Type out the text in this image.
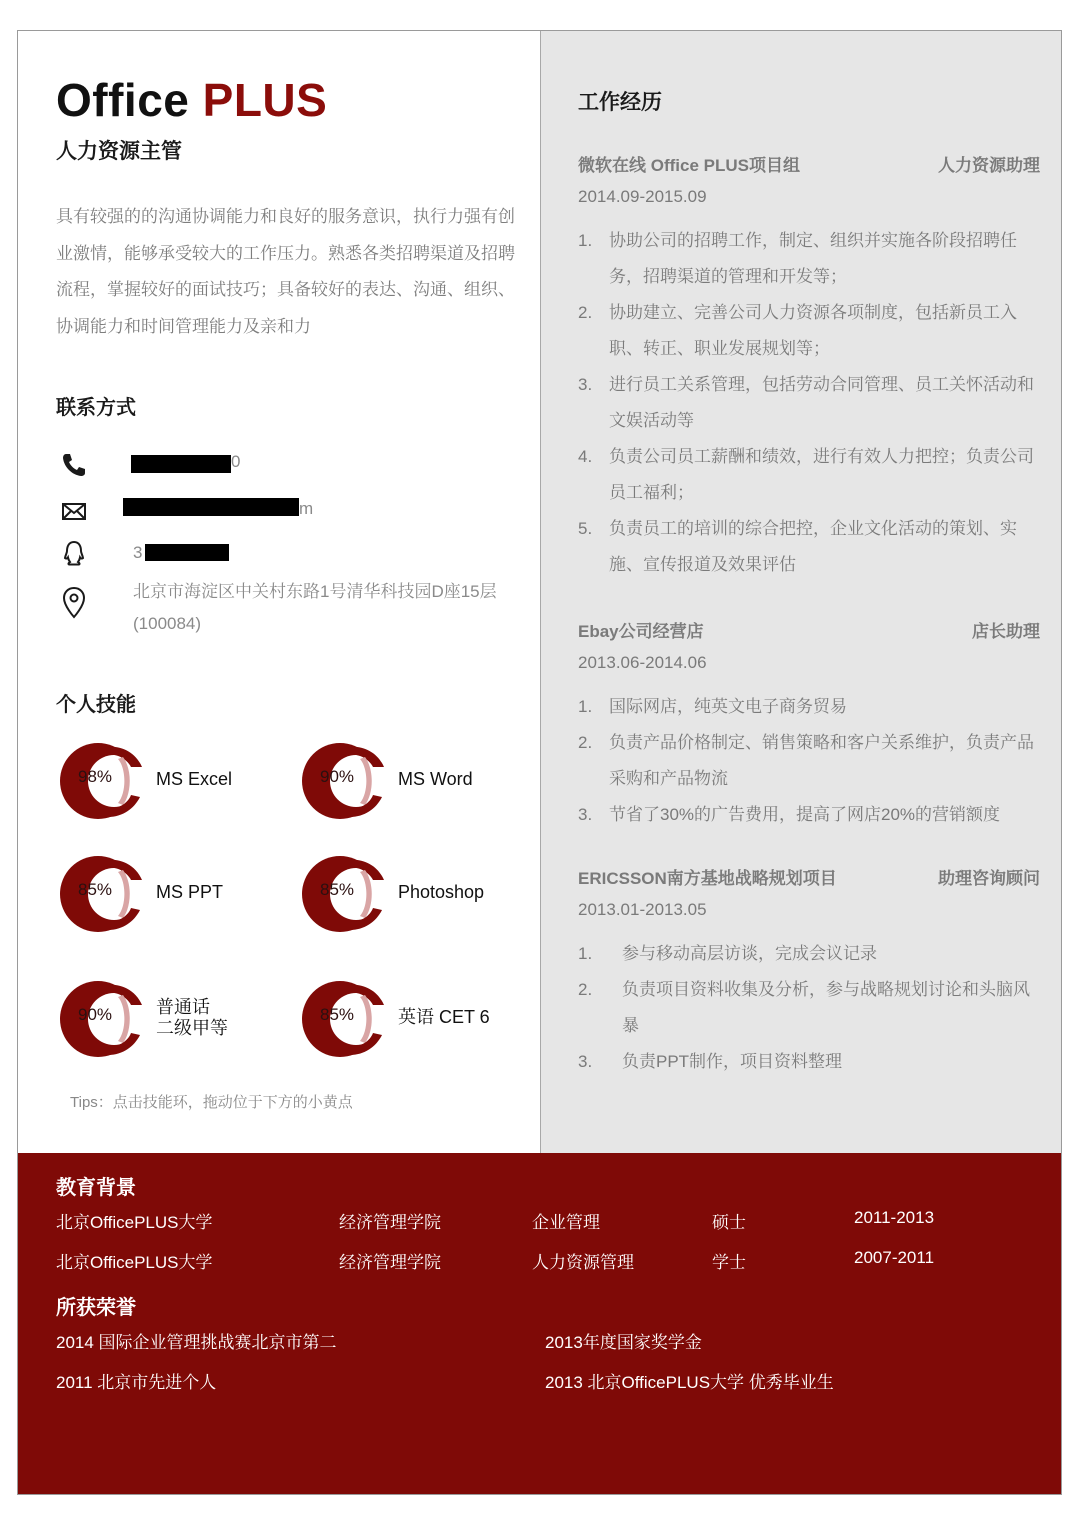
Office PLUS
人力资源主管
具有较强的的沟通协调能力和良好的服务意识，执行力强有创业激情，能够承受较大的工作压力。熟悉各类招聘渠道及招聘流程，掌握较好的面试技巧；具备较好的表达、沟通、组织、协调能力和时间管理能力及亲和力
联系方式
0
m
3
北京市海淀区中关村东路1号清华科技园D座15层(100084)
个人技能
98% MS Excel	90% MS Word
85% MS PPT	85% Photoshop
90% 普通话
二级甲等
85% 英语 CET 6
Tips：点击技能环，拖动位于下方的小黄点
工作经历
微软在线 Office PLUS项目组	人力资源助理
2014.09-2015.09
1. 协助公司的招聘工作，制定、组织并实施各阶段招聘任务，招聘渠道的管理和开发等；
2. 协助建立、完善公司人力资源各项制度，包括新员工入职、转正、职业发展规划等；
3. 进行员工关系管理，包括劳动合同管理、员工关怀活动和文娱活动等
4. 负责公司员工薪酬和绩效，进行有效人力把控；负责公司员工福利；
5. 负责员工的培训的综合把控，企业文化活动的策划、实施、宣传报道及效果评估
Ebay公司经营店	店长助理
2013.06-2014.06
1. 国际网店，纯英文电子商务贸易
2. 负责产品价格制定、销售策略和客户关系维护，负责产品采购和产品物流
3. 节省了30%的广告费用，提高了网店20%的营销额度
ERICSSON南方基地战略规划项目	助理咨询顾问
2013.01-2013.05
1. 参与移动高层访谈，完成会议记录
2. 负责项目资料收集及分析，参与战略规划讨论和头脑风暴
3. 负责PPT制作，项目资料整理
教育背景
北京OfficePLUS大学	经济管理学院	企业管理	硕士	2011-2013
北京OfficePLUS大学	经济管理学院	人力资源管理	学士	2007-2011
所获荣誉
2014 国际企业管理挑战赛北京市第二	2013年度国家奖学金
2011 北京市先进个人	2013 北京OfficePLUS大学 优秀毕业生
